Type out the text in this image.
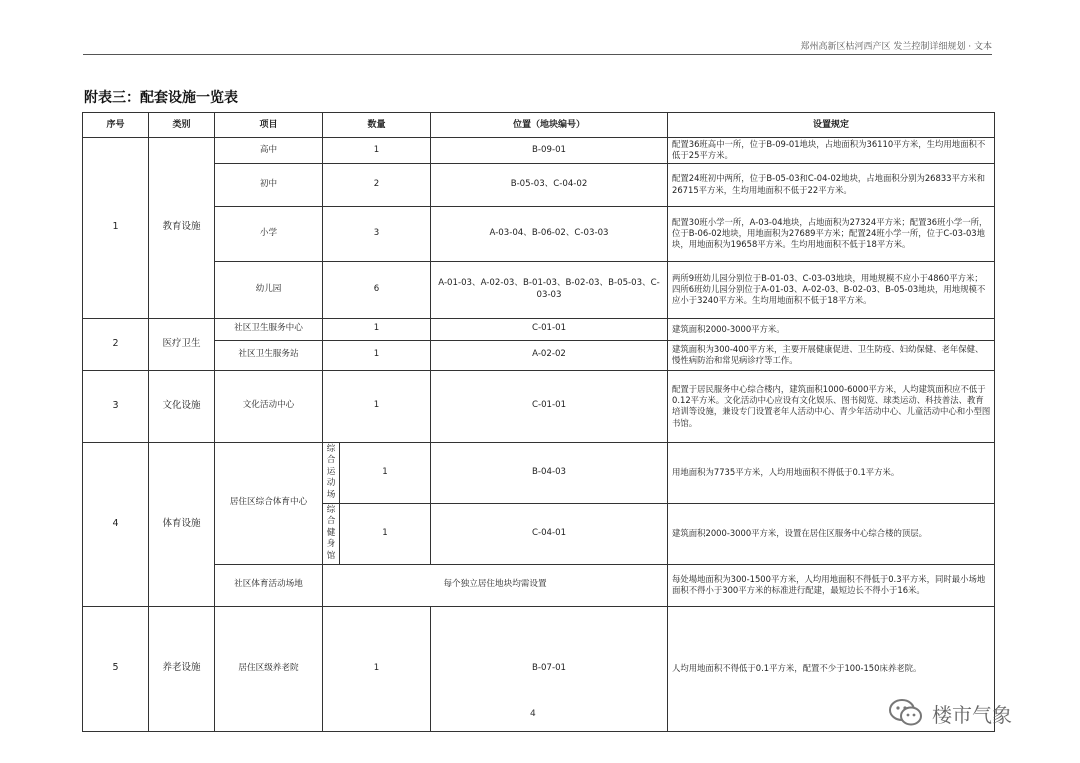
郑州高新区枯河西产区 发兰控制详细规划 · 文本
附表三：配套设施一览表
序号	类别	项目	数量		位置（地块编号）	设置规定
1	教育设施	高中	1		B-09-01	配置36班高中一所，位于B-09-01地块，占地面积为36110平方米，生均用地面积不低于25平方米。
		初中	2		B-05-03、C-04-02	配置24班初中两所，位于B-05-03和C-04-02地块，占地面积分别为26833平方米和26715平方米，生均用地面积不低于22平方米。
		小学	3		A-03-04、B-06-02、C-03-03	配置30班小学一所，A-03-04地块，占地面积为27324平方米；配置36班小学一所，位于B-06-02地块，用地面积为27689平方米；配置24班小学一所，位于C-03-03地块，用地面积为19658平方米。生均用地面积不低于18平方米。
		幼儿园	6		A-01-03、A-02-03、B-01-03、B-02-03、B-05-03、C-03-03	两所9班幼儿园分别位于B-01-03、C-03-03地块，用地规模不应小于4860平方米；四所6班幼儿园分别位于A-01-03、A-02-03、B-02-03、B-05-03地块，用地规模不应小于3240平方米。生均用地面积不低于18平方米。
2	医疗卫生	社区卫生服务中心	1		C-01-01	建筑面积2000-3000平方米。
		社区卫生服务站	1		A-02-02	建筑面积为300-400平方米，主要开展健康促进、卫生防疫、妇幼保健、老年保健、慢性病防治和常见病诊疗等工作。
3	文化设施	文化活动中心	1		C-01-01	配置于居民服务中心综合楼内，建筑面积1000-6000平方米，人均建筑面积应不低于0.12平方米。文化活动中心应设有文化娱乐、图书阅览、球类运动、科技普法、教育培训等设施，兼设专门设置老年人活动中心、青少年活动中心、儿童活动中心和小型图书馆。
4	体育设施	居住区综合体育中心	综合运动场	1	B-04-03	用地面积为7735平方米，人均用地面积不得低于0.1平方米。
			综合健身馆	1	C-04-01	建筑面积2000-3000平方米，设置在居住区服务中心综合楼的顶层。
		社区体育活动场地	每个独立居住地块均需设置			每处場地面积为300-1500平方米，人均用地面积不得低于0.3平方米，同时最小场地面积不得小于300平方米的标准进行配建，最短边长不得小于16米。
5	养老设施	居住区级养老院	1		B-07-01	人均用地面积不得低于0.1平方米，配置不少于100-150床养老院。
4	楼市气象
